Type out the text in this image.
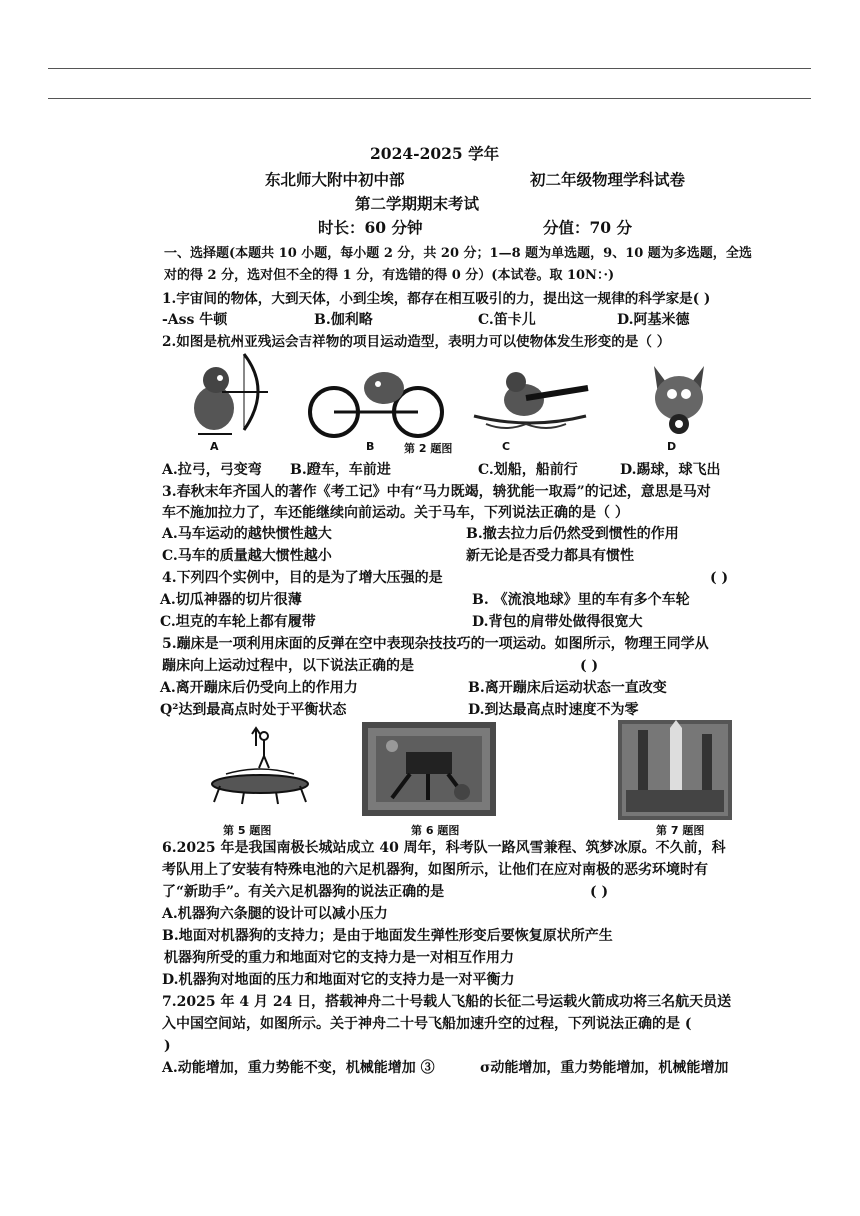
2024-2025 学年
东北师大附中初中部	初二年级物理学科试卷
第二学期期末考试
时长：60 分钟	分值：70 分
一、选择题(本题共 10 小题，每小题 2 分，共 20 分；1—8 题为单选题，9、10 题为多选题，全选
对的得 2 分，选对但不全的得 1 分，有选错的得 0 分）(本试卷。取 10N：·)
1.宇宙间的物体，大到天体，小到尘埃，都存在相互吸引的力，提出这一规律的科学家是( )
-Ass 牛顿	B.伽利略	C.笛卡儿	D.阿基米德
2.如图是杭州亚残运会吉祥物的项目运动造型，表明力可以使物体发生形变的是（ ）
A	B	第 2 题图	C	D
A.拉弓，弓变弯 B.蹬车，车前进	C.划船，船前行	D.踢球，球飞出
3.春秋末年齐国人的著作《考工记》中有“马力既竭，辀犹能一取焉”的记述，意思是马对
车不施加拉力了，车还能继续向前运动。关于马车，下列说法正确的是（ ）
A.马车运动的越快惯性越大	B.撤去拉力后仍然受到惯性的作用
C.马车的质量越大惯性越小	新无论是否受力都具有惯性
4.下列四个实例中，目的是为了增大压强的是	( )
A.切瓜神器的切片很薄	B. 《流浪地球》里的车有多个车轮
C.坦克的车轮上都有履带	D.背包的肩带处做得很宽大
5.蹦床是一项利用床面的反弹在空中表现杂技技巧的一项运动。如图所示，物理王同学从
蹦床向上运动过程中，以下说法正确的是	( )
A.离开蹦床后仍受向上的作用力	B.离开蹦床后运动状态一直改变
Q²达到最高点时处于平衡状态	D.到达最高点时速度不为零
第 5 题图	第 6 题图	第 7 题图
6.2025 年是我国南极长城站成立 40 周年，科考队一路风雪兼程、筑梦冰原。不久前，科
考队用上了安装有特殊电池的六足机器狗，如图所示，让他们在应对南极的恶劣环境时有
了“新助手”。有关六足机器狗的说法正确的是	( )
A.机器狗六条腿的设计可以减小压力
B.地面对机器狗的支持力；是由于地面发生弹性形变后要恢复原状所产生
机器狗所受的重力和地面对它的支持力是一对相互作用力
D.机器狗对地面的压力和地面对它的支持力是一对平衡力
7.2025 年 4 月 24 日，搭载神舟二十号载人飞船的长征二号运载火箭成功将三名航天员送
入中国空间站，如图所示。关于神舟二十号飞船加速升空的过程，下列说法正确的是 (
)
A.动能增加，重力势能不变，机械能增加 ③	σ动能增加，重力势能增加，机械能增加
